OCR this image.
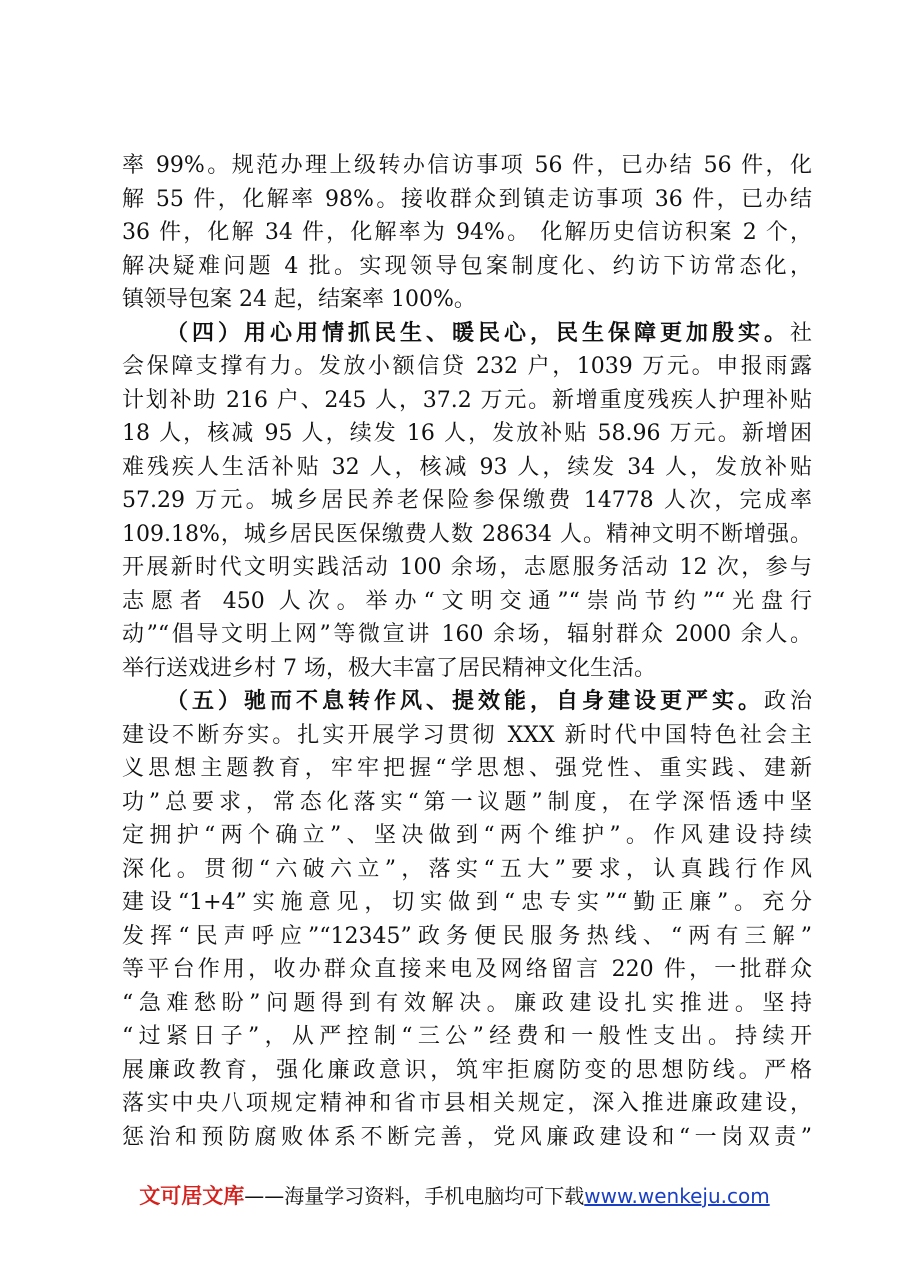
率 99%。规范办理上级转办信访事项 56 件，已办结 56 件，化
解 55 件，化解率 98%。接收群众到镇走访事项 36 件，已办结
36 件，化解 34 件，化解率为 94%。 化解历史信访积案 2 个，
解决疑难问题 4 批。实现领导包案制度化、约访下访常态化，
镇领导包案 24 起，结案率 100%。
（四）用心用情抓民生、暖民心，民生保障更加殷实。社
会保障支撑有力。发放小额信贷 232 户，1039 万元。申报雨露
计划补助 216 户、245 人，37.2 万元。新增重度残疾人护理补贴
18 人，核减 95 人，续发 16 人，发放补贴 58.96 万元。新增困
难残疾人生活补贴 32 人，核减 93 人，续发 34 人，发放补贴
57.29 万元。城乡居民养老保险参保缴费 14778 人次，完成率
109.18%，城乡居民医保缴费人数 28634 人。精神文明不断增强。
开展新时代文明实践活动 100 余场，志愿服务活动 12 次，参与
志愿者 450 人次。举办“文明交通”“崇尚节约”“光盘行
动”“倡导文明上网”等微宣讲 160 余场，辐射群众 2000 余人。
举行送戏进乡村 7 场，极大丰富了居民精神文化生活。
（五）驰而不息转作风、提效能，自身建设更严实。政治
建设不断夯实。扎实开展学习贯彻 XXX 新时代中国特色社会主
义思想主题教育，牢牢把握“学思想、强党性、重实践、建新
功”总要求，常态化落实“第一议题”制度，在学深悟透中坚
定拥护“两个确立”、坚决做到“两个维护”。作风建设持续
深化。贯彻“六破六立”，落实“五大”要求，认真践行作风
建设“1+4”实施意见，切实做到“忠专实”“勤正廉”。充分
发挥“民声呼应”“12345”政务便民服务热线、“两有三解”
等平台作用，收办群众直接来电及网络留言 220 件，一批群众
“急难愁盼”问题得到有效解决。廉政建设扎实推进。坚持
“过紧日子”，从严控制“三公”经费和一般性支出。持续开
展廉政教育，强化廉政意识，筑牢拒腐防变的思想防线。严格
落实中央八项规定精神和省市县相关规定，深入推进廉政建设，
惩治和预防腐败体系不断完善，党风廉政建设和“一岗双责”
文可居文库——海量学习资料，手机电脑均可下载www.wenkeju.com
